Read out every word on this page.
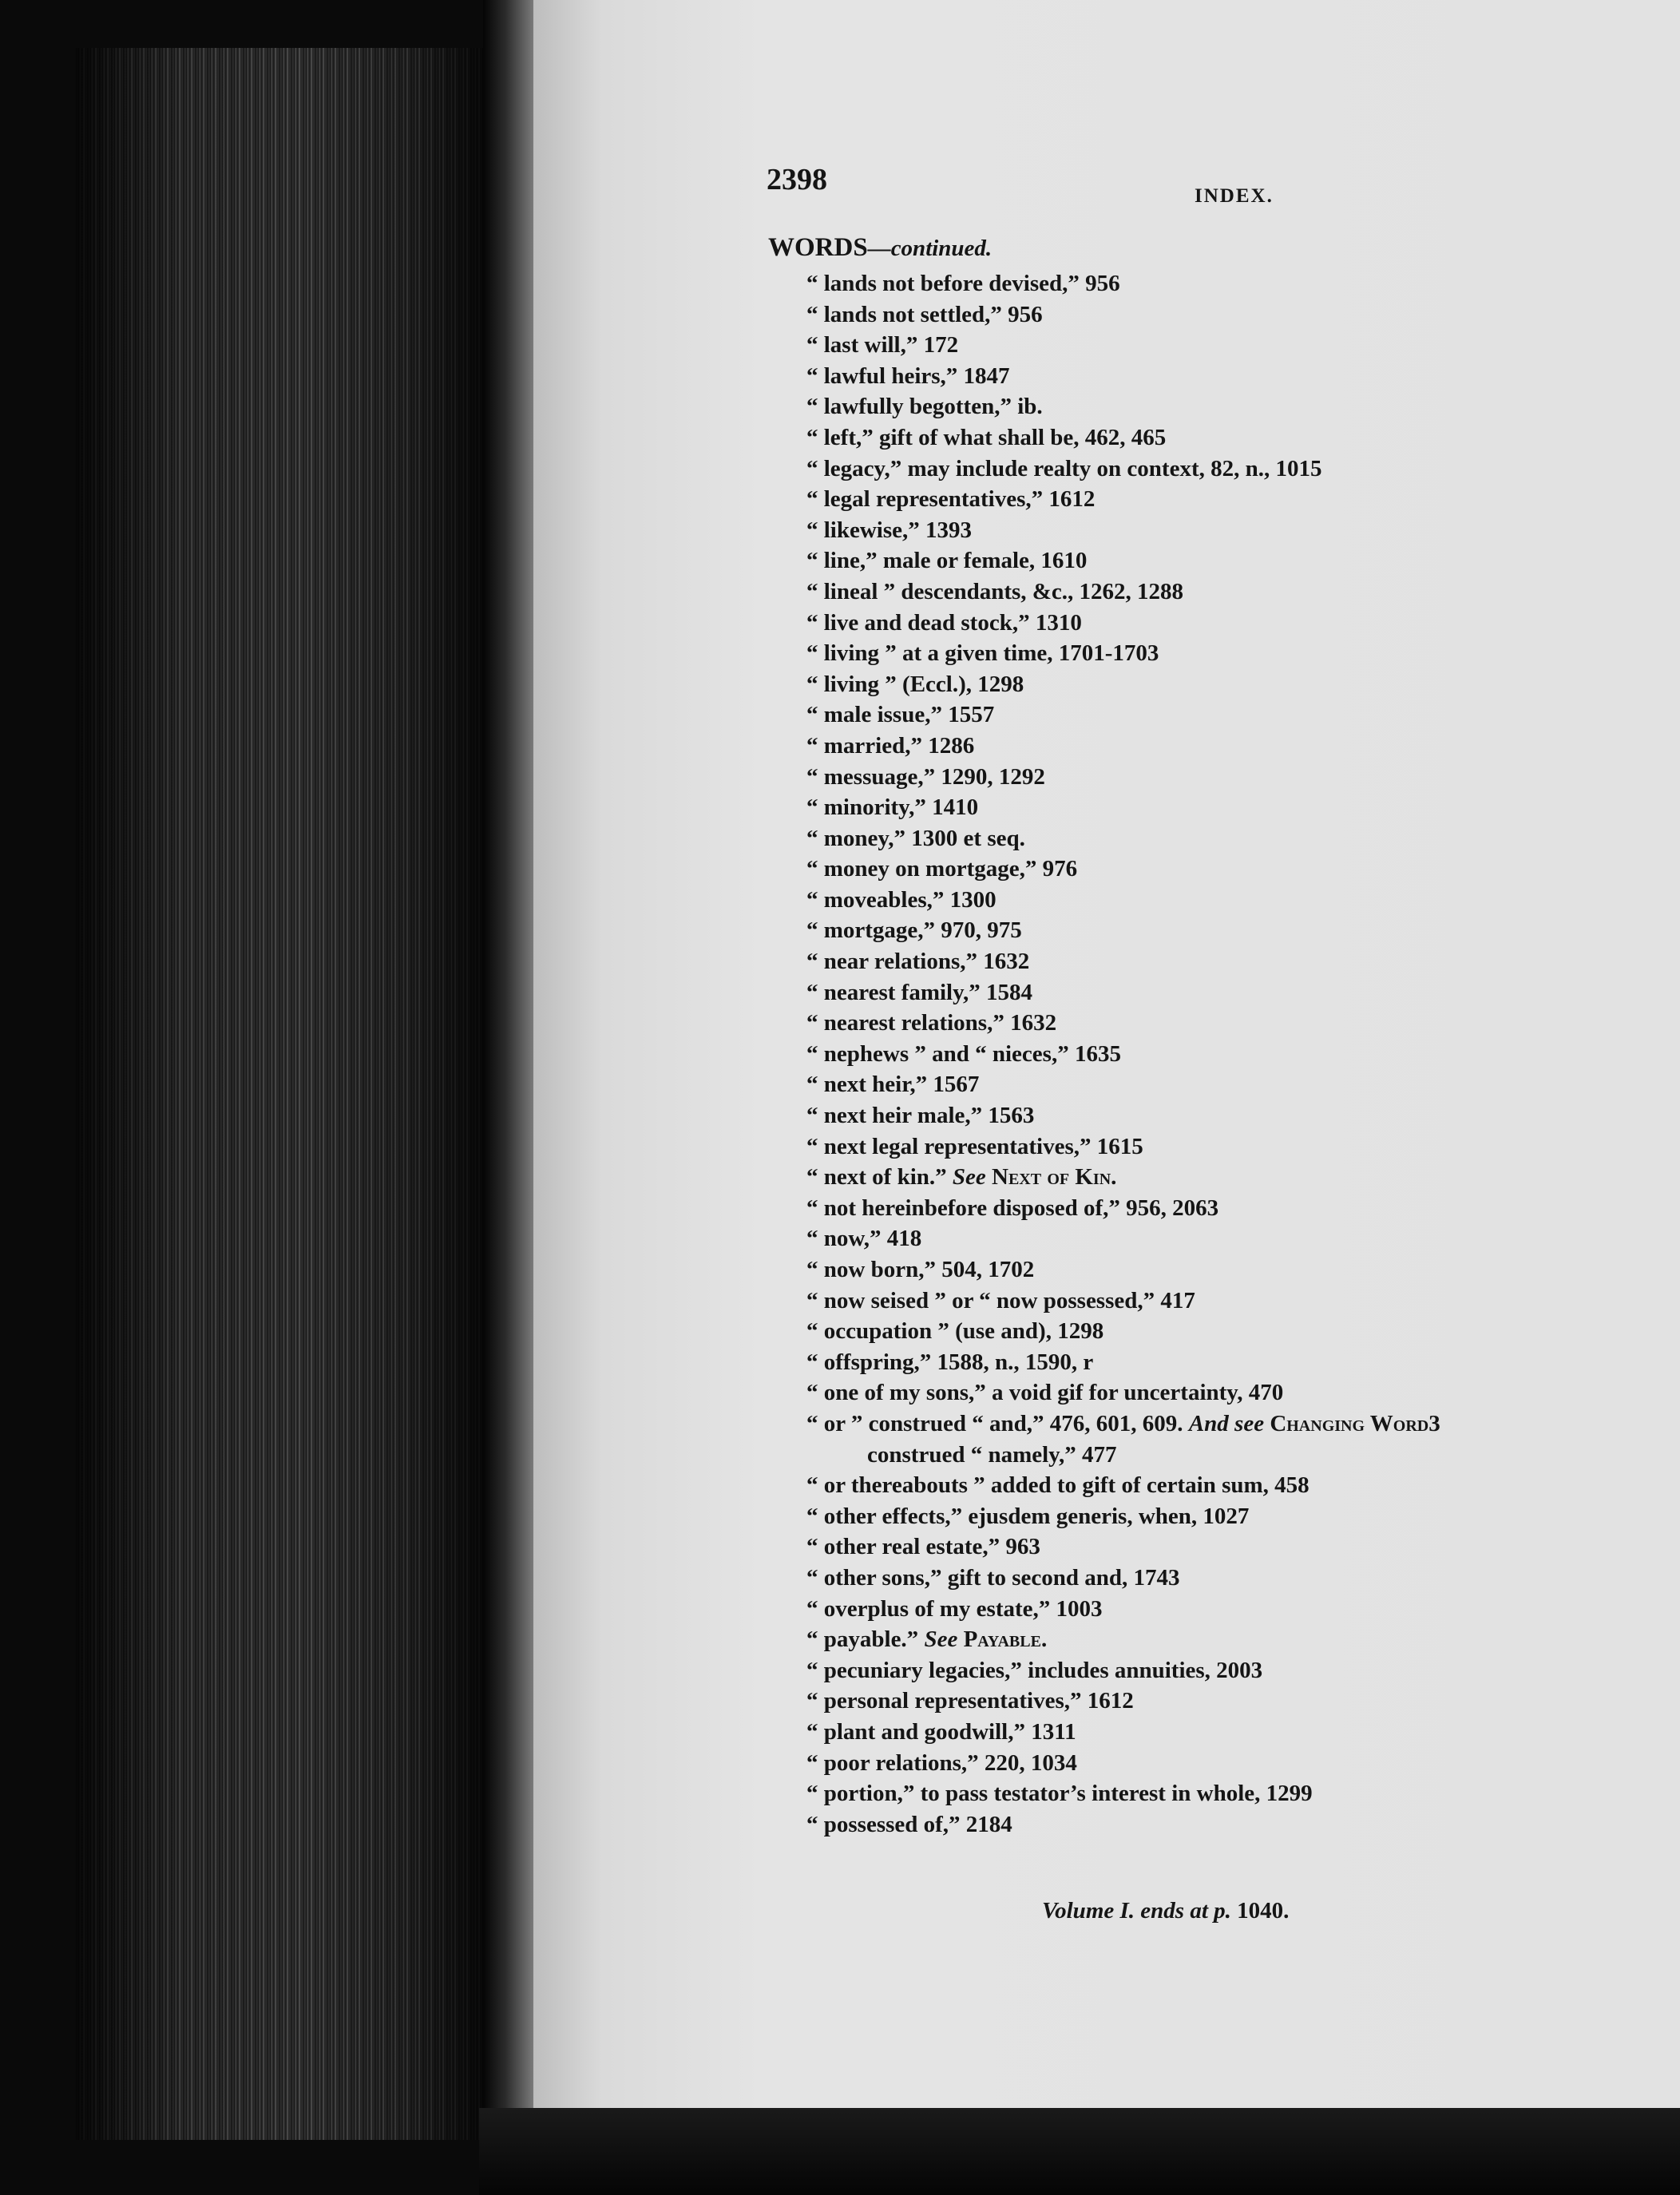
2398	INDEX.
WORDS—continued.
“ lands not before devised,” 956
“ lands not settled,” 956
“ last will,” 172
“ lawful heirs,” 1847
“ lawfully begotten,” ib.
“ left,” gift of what shall be, 462, 465
“ legacy,” may include realty on context, 82, n., 1015
“ legal representatives,” 1612
“ likewise,” 1393
“ line,” male or female, 1610
“ lineal ” descendants, &c., 1262, 1288
“ live and dead stock,” 1310
“ living ” at a given time, 1701-1703
“ living ” (Eccl.), 1298
“ male issue,” 1557
“ married,” 1286
“ messuage,” 1290, 1292
“ minority,” 1410
“ money,” 1300 et seq.
“ money on mortgage,” 976
“ moveables,” 1300
“ mortgage,” 970, 975
“ near relations,” 1632
“ nearest family,” 1584
“ nearest relations,” 1632
“ nephews ” and “ nieces,” 1635
“ next heir,” 1567
“ next heir male,” 1563
“ next legal representatives,” 1615
“ next of kin.” See Next of Kin.
“ not hereinbefore disposed of,” 956, 2063
“ now,” 418
“ now born,” 504, 1702
“ now seised ” or “ now possessed,” 417
“ occupation ” (use and), 1298
“ offspring,” 1588, n., 1590, r
“ one of my sons,” a void gif for uncertainty, 470
“ or ” construed “ and,” 476, 601, 609. And see Changing Word3
construed “ namely,” 477
“ or thereabouts ” added to gift of certain sum, 458
“ other effects,” ejusdem generis, when, 1027
“ other real estate,” 963
“ other sons,” gift to second and, 1743
“ overplus of my estate,” 1003
“ payable.” See Payable.
“ pecuniary legacies,” includes annuities, 2003
“ personal representatives,” 1612
“ plant and goodwill,” 1311
“ poor relations,” 220, 1034
“ portion,” to pass testator’s interest in whole, 1299
“ possessed of,” 2184
Volume I. ends at p. 1040.
